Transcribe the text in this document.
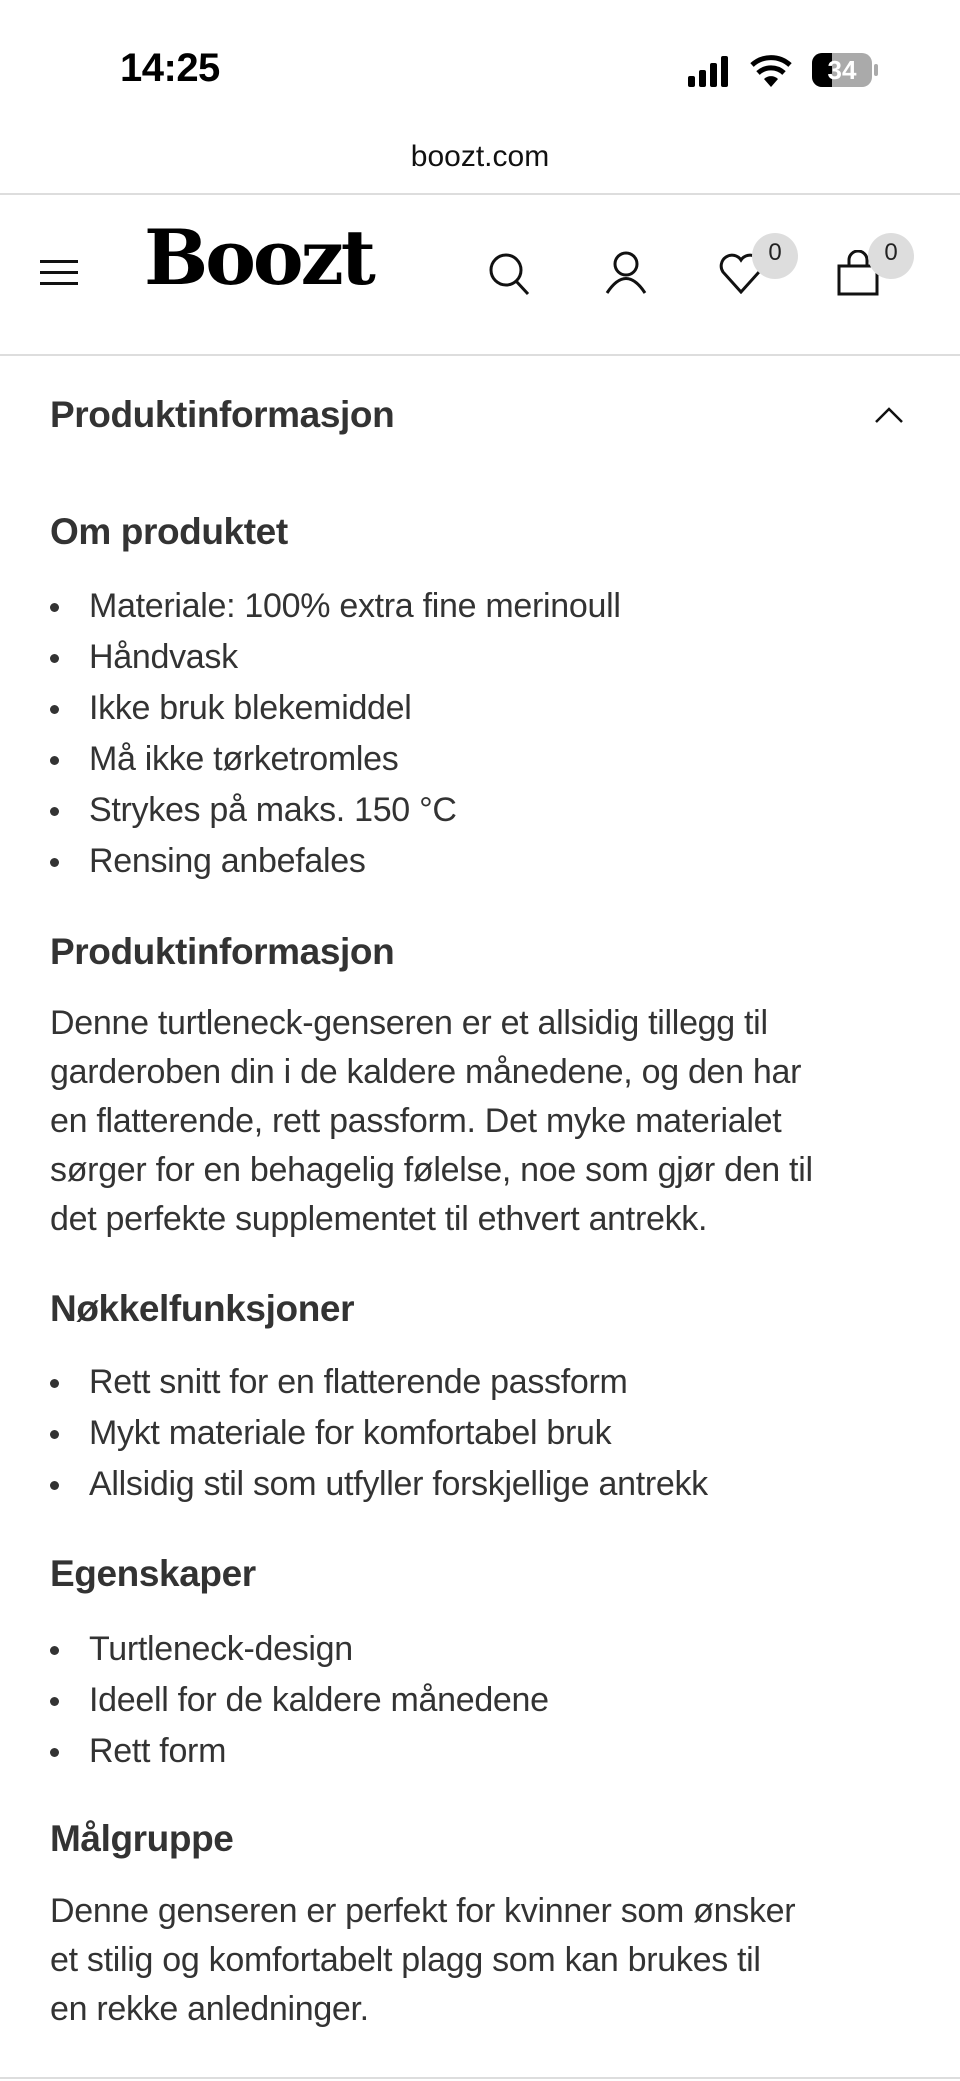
14:25	34
boozt.com
Boozt	0	0
Produktinformasjon
Om produktet
Materiale: 100% extra fine merinoull
Håndvask
Ikke bruk blekemiddel
Må ikke tørketromles
Strykes på maks. 150 °C
Rensing anbefales
Produktinformasjon
Denne turtleneck-genseren er et allsidig tillegg til
garderoben din i de kaldere månedene, og den har
en flatterende, rett passform. Det myke materialet
sørger for en behagelig følelse, noe som gjør den til
det perfekte supplementet til ethvert antrekk.
Nøkkelfunksjoner
Rett snitt for en flatterende passform
Mykt materiale for komfortabel bruk
Allsidig stil som utfyller forskjellige antrekk
Egenskaper
Turtleneck-design
Ideell for de kaldere månedene
Rett form
Målgruppe
Denne genseren er perfekt for kvinner som ønsker
et stilig og komfortabelt plagg som kan brukes til
en rekke anledninger.
